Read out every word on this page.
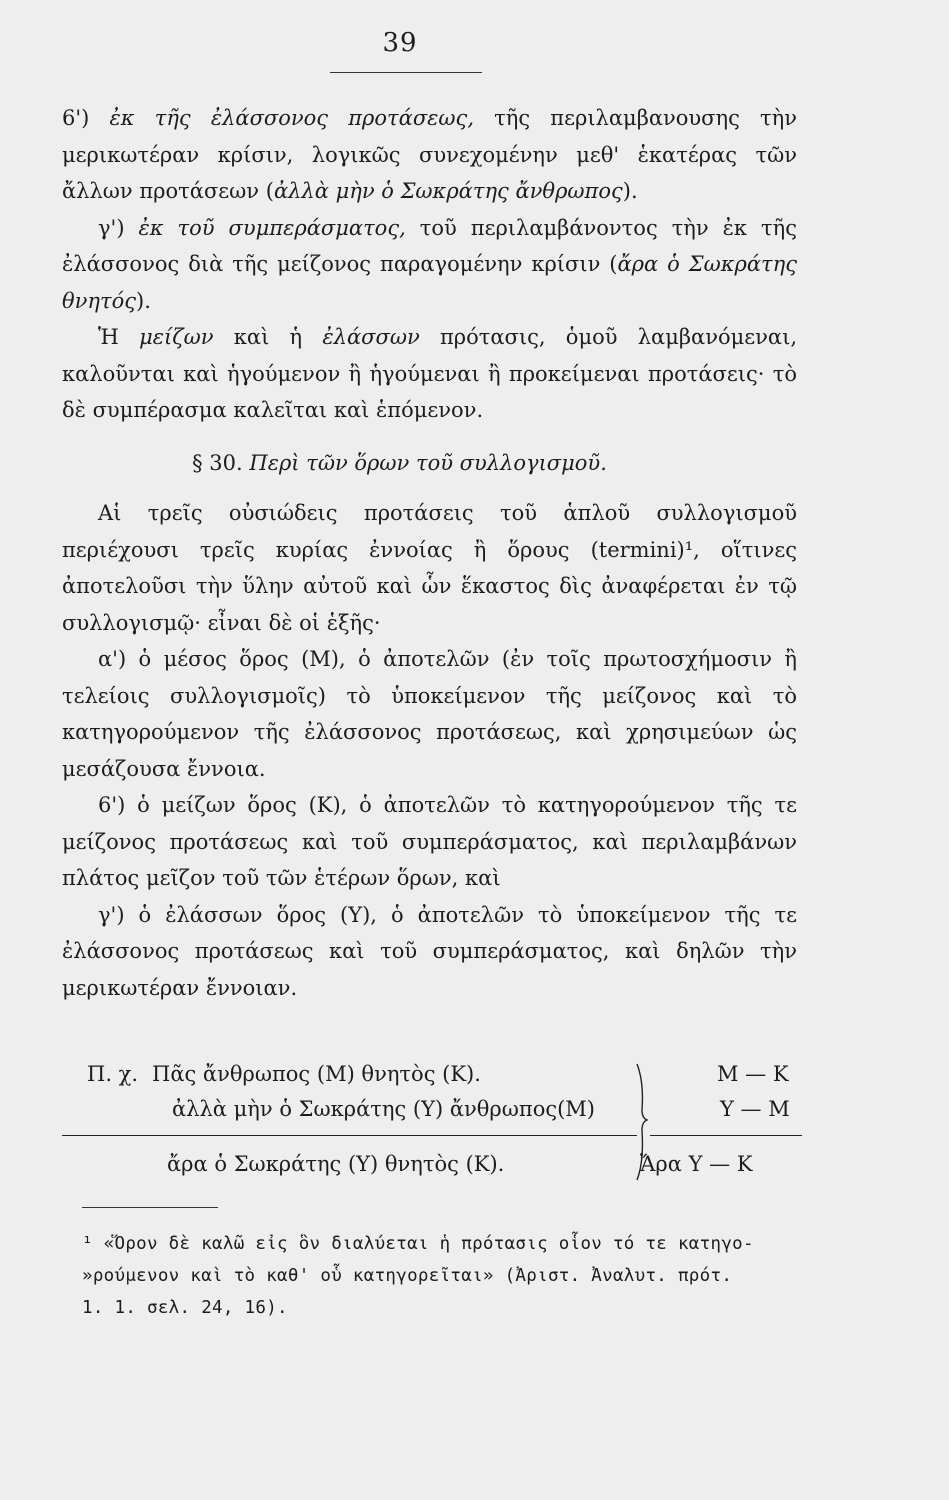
39

6') ἐκ τῆς ἐλάσσονος προτάσεως, τῆς περιλαμβανουσης τὴν μερικωτέραν κρίσιν, λογικῶς συνεχομένην μεθ' ἑκατέρας τῶν ἄλλων προτάσεων (ἀλλὰ μὴν ὁ Σωκράτης ἄνθρωπος).

γ') ἐκ τοῦ συμπεράσματος, τοῦ περιλαμβάνοντος τὴν ἐκ τῆς ἐλάσσονος διὰ τῆς μείζονος παραγομένην κρίσιν (ἄρα ὁ Σωκράτης θνητός).

Ἡ μείζων καὶ ἡ ἐλάσσων πρότασις, ὁμοῦ λαμβανόμεναι, καλοῦνται καὶ ἡγούμενον ἢ ἡγούμεναι ἢ προκείμεναι προτάσεις· τὸ δὲ συμπέρασμα καλεῖται καὶ ἑπόμενον.

§ 30. Περὶ τῶν ὅρων τοῦ συλλογισμοῦ.

Αἱ τρεῖς οὐσιώδεις προτάσεις τοῦ ἁπλοῦ συλλογισμοῦ περιέχουσι τρεῖς κυρίας ἐννοίας ἢ ὅρους (termini)¹, οἵτινες ἀποτελοῦσι τὴν ὕλην αὐτοῦ καὶ ὧν ἕκαστος δὶς ἀναφέρεται ἐν τῷ συλλογισμῷ· εἶναι δὲ οἱ ἑξῆς·

α') ὁ μέσος ὅρος (Μ), ὁ ἀποτελῶν (ἐν τοῖς πρωτοσχήμοσιν ἢ τελείοις συλλογισμοῖς) τὸ ὑποκείμενον τῆς μείζονος καὶ τὸ κατηγορούμενον τῆς ἐλάσσονος προτάσεως, καὶ χρησιμεύων ὡς μεσάζουσα ἔννοια.

6') ὁ μείζων ὅρος (Κ), ὁ ἀποτελῶν τὸ κατηγορούμενον τῆς τε μείζονος προτάσεως καὶ τοῦ συμπεράσματος, καὶ περιλαμβάνων πλάτος μεῖζον τοῦ τῶν ἑτέρων ὅρων, καὶ

γ') ὁ ἐλάσσων ὅρος (Υ), ὁ ἀποτελῶν τὸ ὑποκείμενον τῆς τε ἐλάσσονος προτάσεως καὶ τοῦ συμπεράσματος, καὶ δηλῶν τὴν μερικωτέραν ἔννοιαν.

Π. χ. Πᾶς ἄνθρωπος (Μ) θνητὸς (Κ).
ἀλλὰ μὴν ὁ Σωκράτης (Υ) ἄνθρωπος(Μ)
ἄρα ὁ Σωκράτης (Υ) θνητὸς (Κ).
Μ — Κ
Υ — Μ
Ἄρα Υ — Κ

¹ «Ὅρον δὲ καλῶ εἰς ὃν διαλύεται ἡ πρότασις οἷον τό τε κατηγο-

»ρούμενον καὶ τὸ καθ' οὗ κατηγορεῖται» (Ἀριστ. Ἀναλυτ. πρότ.

1. 1. σελ. 24, 16).
